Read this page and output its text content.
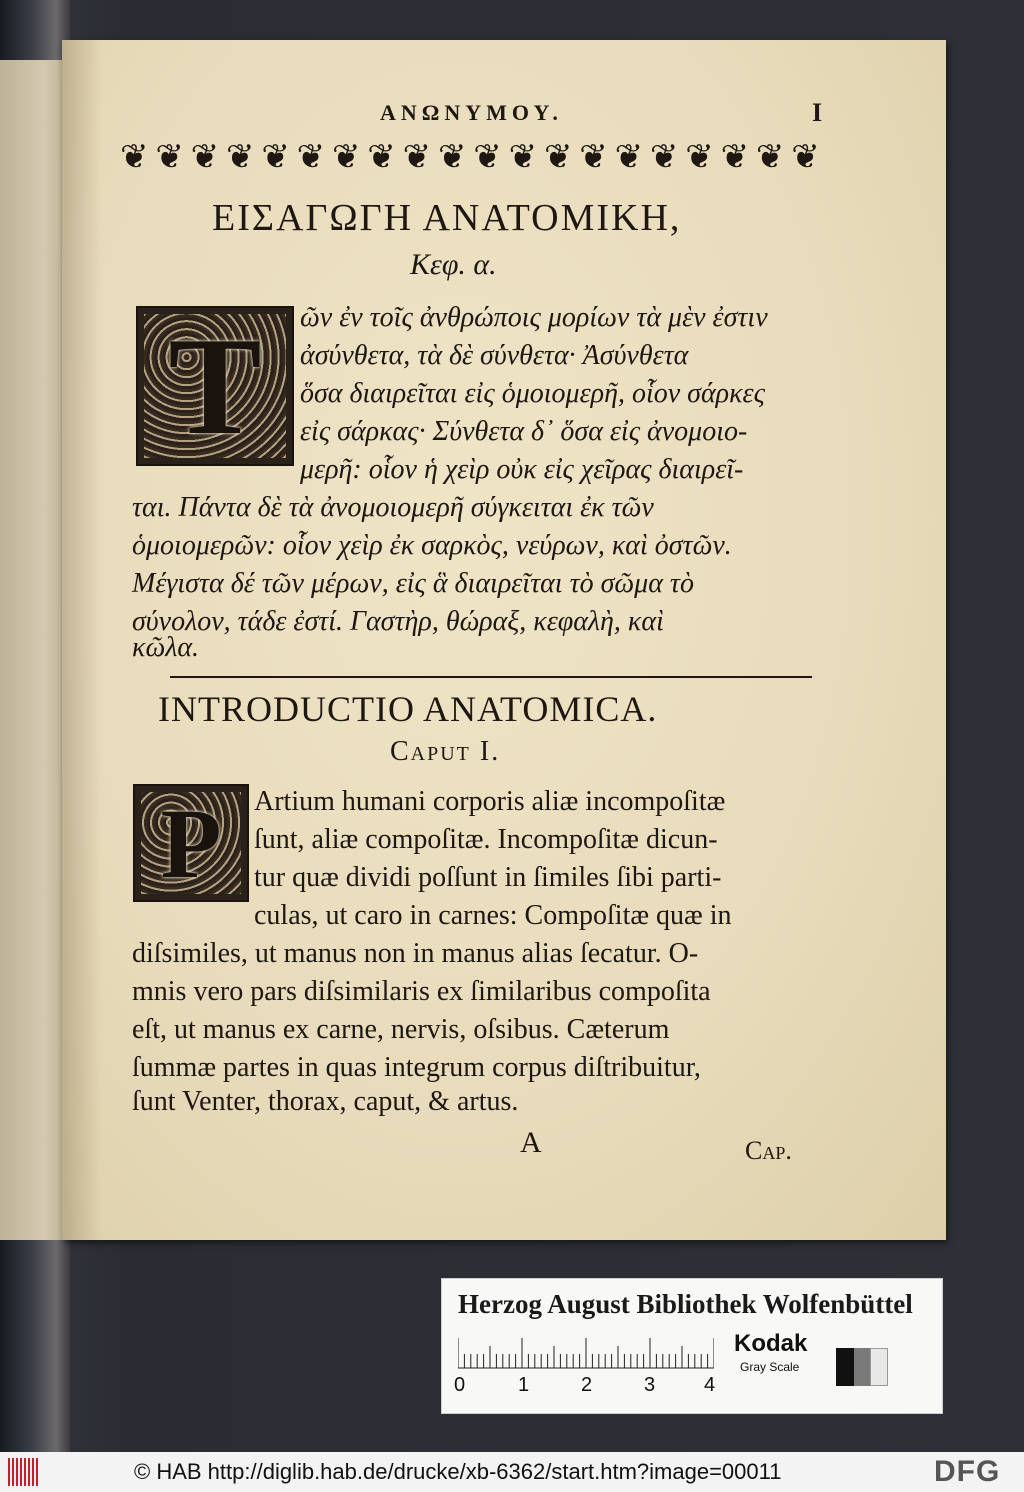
ΑΝΩΝΥΜΟΥ.	I
❦ ❦ ❦ ❦ ❦ ❦ ❦ ❦ ❦ ❦ ❦ ❦ ❦ ❦ ❦ ❦ ❦ ❦ ❦ ❦
ΕΙΣΑΓΩΓΗ ΑΝΑΤΟΜΙΚΗ,
Κεφ. α.
Τ	ῶν ἐν τοῖς ἀνθρώποις μορίων τὰ μὲν ἐστιν
ἀσύνθετα, τὰ δὲ σύνθετα· Ἀσύνθετα
ὅσα διαιρεῖται εἰς ὁμοιομερῆ, οἷον σάρκες
εἰς σάρκας· Σύνθετα δ᾽ ὅσα εἰς ἀνομοιο-
μερῆ: οἷον ἡ χεὶρ οὐκ εἰς χεῖρας διαιρεῖ-
ται. Πάντα δὲ τὰ ἀνομοιομερῆ σύγκειται ἐκ τῶν
ὁμοιομερῶν: οἷον χεὶρ ἐκ σαρκὸς, νεύρων, καὶ ὀστῶν.
Μέγιστα δέ τῶν μέρων, εἰς ἃ διαιρεῖται τὸ σῶμα τὸ
σύνολον, τάδε ἐστί. Γαστὴρ, θώραξ, κεφαλὴ, καὶ
κῶλα.
INTRODUCTIO ANATOMICA.
Caput I.
P	Artium humani corporis aliæ incompoſitæ
ſunt, aliæ compoſitæ. Incompoſitæ dicun-
tur quæ dividi poſſunt in ſimiles ſibi parti-
culas, ut caro in carnes: Compoſitæ quæ in
diſsimiles, ut manus non in manus alias ſecatur. O-
mnis vero pars diſsimilaris ex ſimilaribus compoſita
eſt, ut manus ex carne, nervis, oſsibus. Cæterum
ſummæ partes in quas integrum corpus diſtribuitur,
ſunt Venter, thorax, caput, & artus.
A	Cap.
Herzog August Bibliothek Wolfenbüttel
0	1	2	3 4
Kodak
Gray Scale
© HAB http://diglib.hab.de/drucke/xb-6362/start.htm?image=00011	DFG
